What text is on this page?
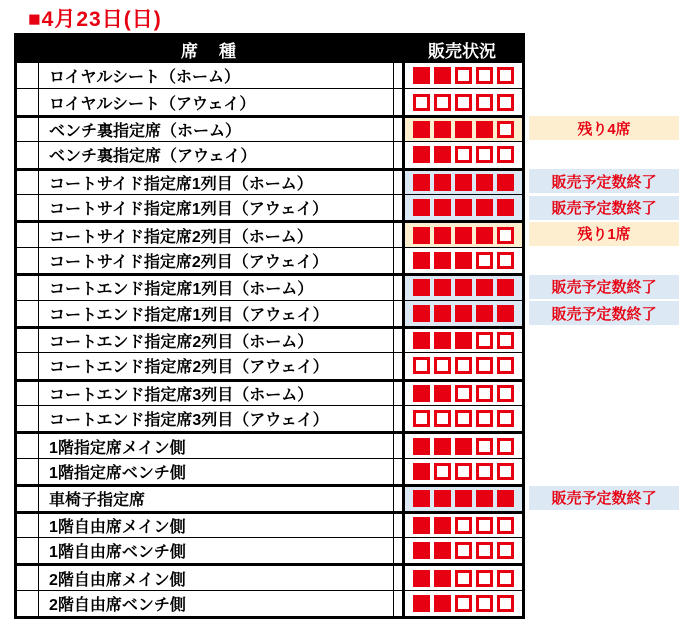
■4月23日(日)
席　種	販売状況
ロイヤルシート（ホーム）
ロイヤルシート（アウェイ）
ベンチ裏指定席（ホーム）
ベンチ裏指定席（アウェイ）
コートサイド指定席1列目（ホーム）
コートサイド指定席1列目（アウェイ）
コートサイド指定席2列目（ホーム）
コートサイド指定席2列目（アウェイ）
コートエンド指定席1列目（ホーム）
コートエンド指定席1列目（アウェイ）
コートエンド指定席2列目（ホーム）
コートエンド指定席2列目（アウェイ）
コートエンド指定席3列目（ホーム）
コートエンド指定席3列目（アウェイ）
1階指定席メイン側
1階指定席ベンチ側
車椅子指定席
1階自由席メイン側
1階自由席ベンチ側
2階自由席メイン側
2階自由席ベンチ側
残り4席
販売予定数終了
販売予定数終了
残り1席
販売予定数終了
販売予定数終了
販売予定数終了
